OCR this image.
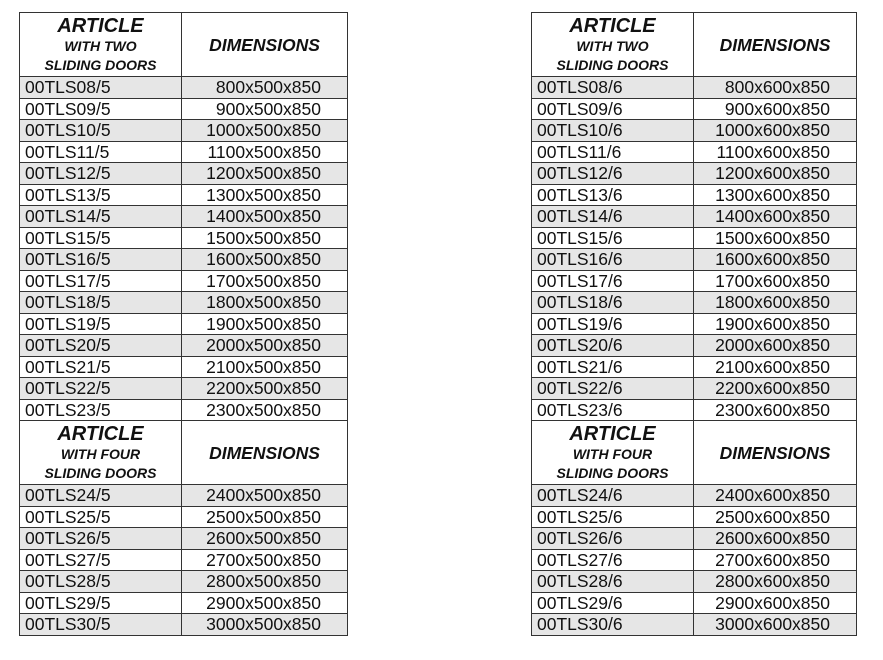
ARTICLE
WITH TWO
SLIDING DOORS	DIMENSIONS
00TLS08/5	800x500x850
00TLS09/5	900x500x850
00TLS10/5	1000x500x850
00TLS11/5	1100x500x850
00TLS12/5	1200x500x850
00TLS13/5	1300x500x850
00TLS14/5	1400x500x850
00TLS15/5	1500x500x850
00TLS16/5	1600x500x850
00TLS17/5	1700x500x850
00TLS18/5	1800x500x850
00TLS19/5	1900x500x850
00TLS20/5	2000x500x850
00TLS21/5	2100x500x850
00TLS22/5	2200x500x850
00TLS23/5	2300x500x850

ARTICLE
WITH FOUR
SLIDING DOORS	DIMENSIONS
00TLS24/5	2400x500x850
00TLS25/5	2500x500x850
00TLS26/5	2600x500x850
00TLS27/5	2700x500x850
00TLS28/5	2800x500x850
00TLS29/5	2900x500x850
00TLS30/5	3000x500x850
ARTICLE
WITH TWO
SLIDING DOORS	DIMENSIONS
00TLS08/6	800x600x850
00TLS09/6	900x600x850
00TLS10/6	1000x600x850
00TLS11/6	1100x600x850
00TLS12/6	1200x600x850
00TLS13/6	1300x600x850
00TLS14/6	1400x600x850
00TLS15/6	1500x600x850
00TLS16/6	1600x600x850
00TLS17/6	1700x600x850
00TLS18/6	1800x600x850
00TLS19/6	1900x600x850
00TLS20/6	2000x600x850
00TLS21/6	2100x600x850
00TLS22/6	2200x600x850
00TLS23/6	2300x600x850

ARTICLE
WITH FOUR
SLIDING DOORS	DIMENSIONS
00TLS24/6	2400x600x850
00TLS25/6	2500x600x850
00TLS26/6	2600x600x850
00TLS27/6	2700x600x850
00TLS28/6	2800x600x850
00TLS29/6	2900x600x850
00TLS30/6	3000x600x850
